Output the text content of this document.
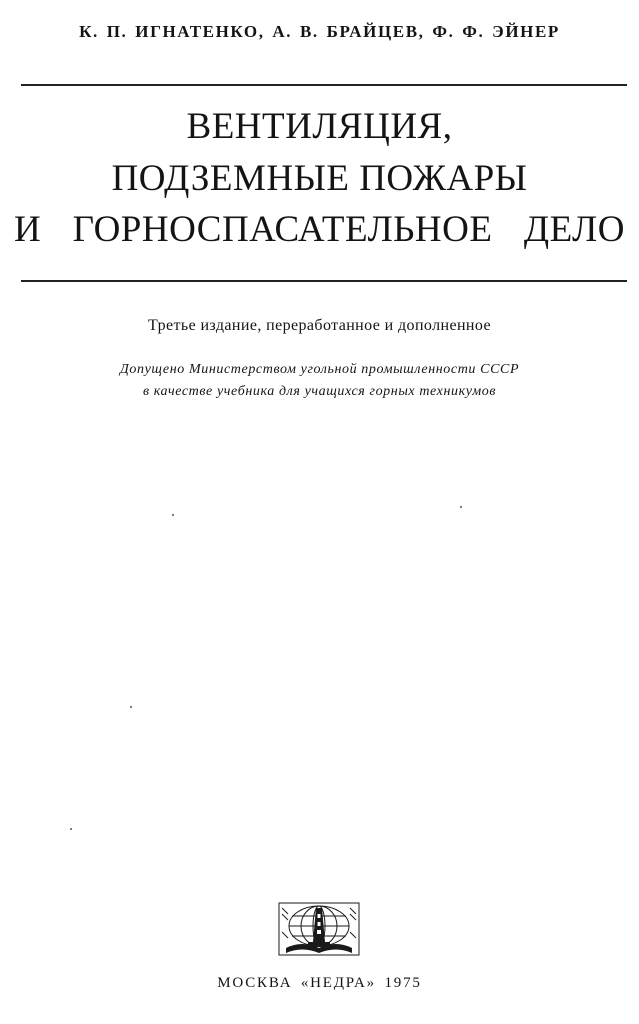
К. П. ИГНАТЕНКО, А. В. БРАЙЦЕВ, Ф. Ф. ЭЙНЕР
ВЕНТИЛЯЦИЯ,
ПОДЗЕМНЫЕ ПОЖАРЫ
И ГОРНОСПАСАТЕЛЬНОЕ ДЕЛО
Третье издание, переработанное и дополненное
Допущено Министерством угольной промышленности СССР
в качестве учебника для учащихся горных техникумов
МОСКВА «НЕДРА» 1975
